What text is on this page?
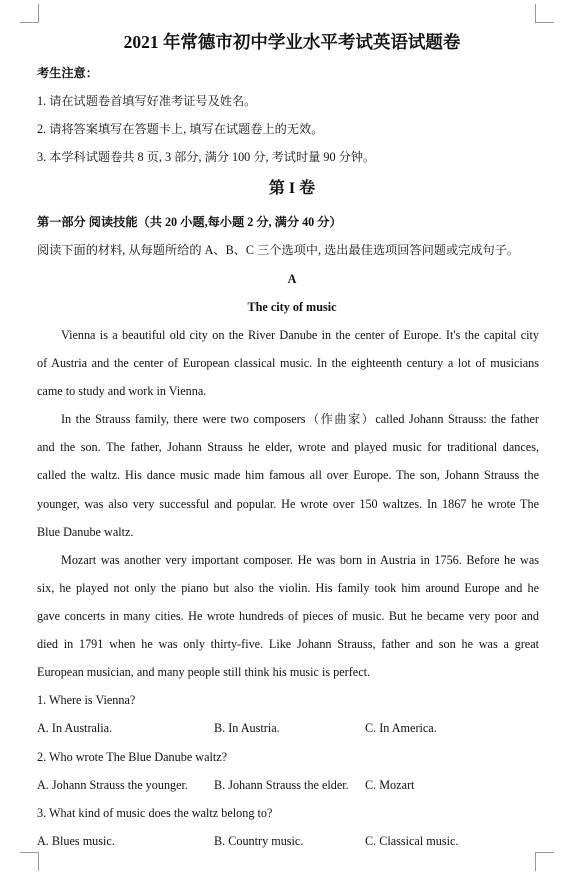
2021 年常德市初中学业水平考试英语试题卷
考生注意：
1. 请在试题卷首填写好准考证号及姓名。
2. 请将答案填写在答题卡上, 填写在试题卷上的无效。
3. 本学科试题卷共 8 页, 3 部分, 满分 100 分, 考试时量 90 分钟。
第 I 卷
第一部分 阅读技能（共 20 小题,每小题 2 分, 满分 40 分）
阅读下面的材料, 从每题所给的 A、B、C 三个选项中, 选出最佳选项回答问题或完成句子。
A
The city of music
Vienna is a beautiful old city on the River Danube in the center of Europe. It's the capital city
of Austria and the center of European classical music. In the eighteenth century a lot of musicians
came to study and work in Vienna.
In the Strauss family, there were two composers（作曲家）called Johann Strauss: the father
and the son. The father, Johann Strauss he elder, wrote and played music for traditional dances,
called the waltz. His dance music made him famous all over Europe. The son, Johann Strauss the
younger, was also very successful and popular. He wrote over 150 waltzes. In 1867 he wrote The
Blue Danube waltz.
Mozart was another very important composer. He was born in Austria in 1756. Before he was
six, he played not only the piano but also the violin. His family took him around Europe and he
gave concerts in many cities. He wrote hundreds of pieces of music. But he became very poor and
died in 1791 when he was only thirty-five. Like Johann Strauss, father and son he was a great
European musician, and many people still think his music is perfect.
1. Where is Vienna?
A. In Australia.	B. In Austria.	C. In America.
2. Who wrote The Blue Danube waltz?
A. Johann Strauss the younger. B. Johann Strauss the elder. C. Mozart
3. What kind of music does the waltz belong to?
A. Blues music.	B. Country music.	C. Classical music.
